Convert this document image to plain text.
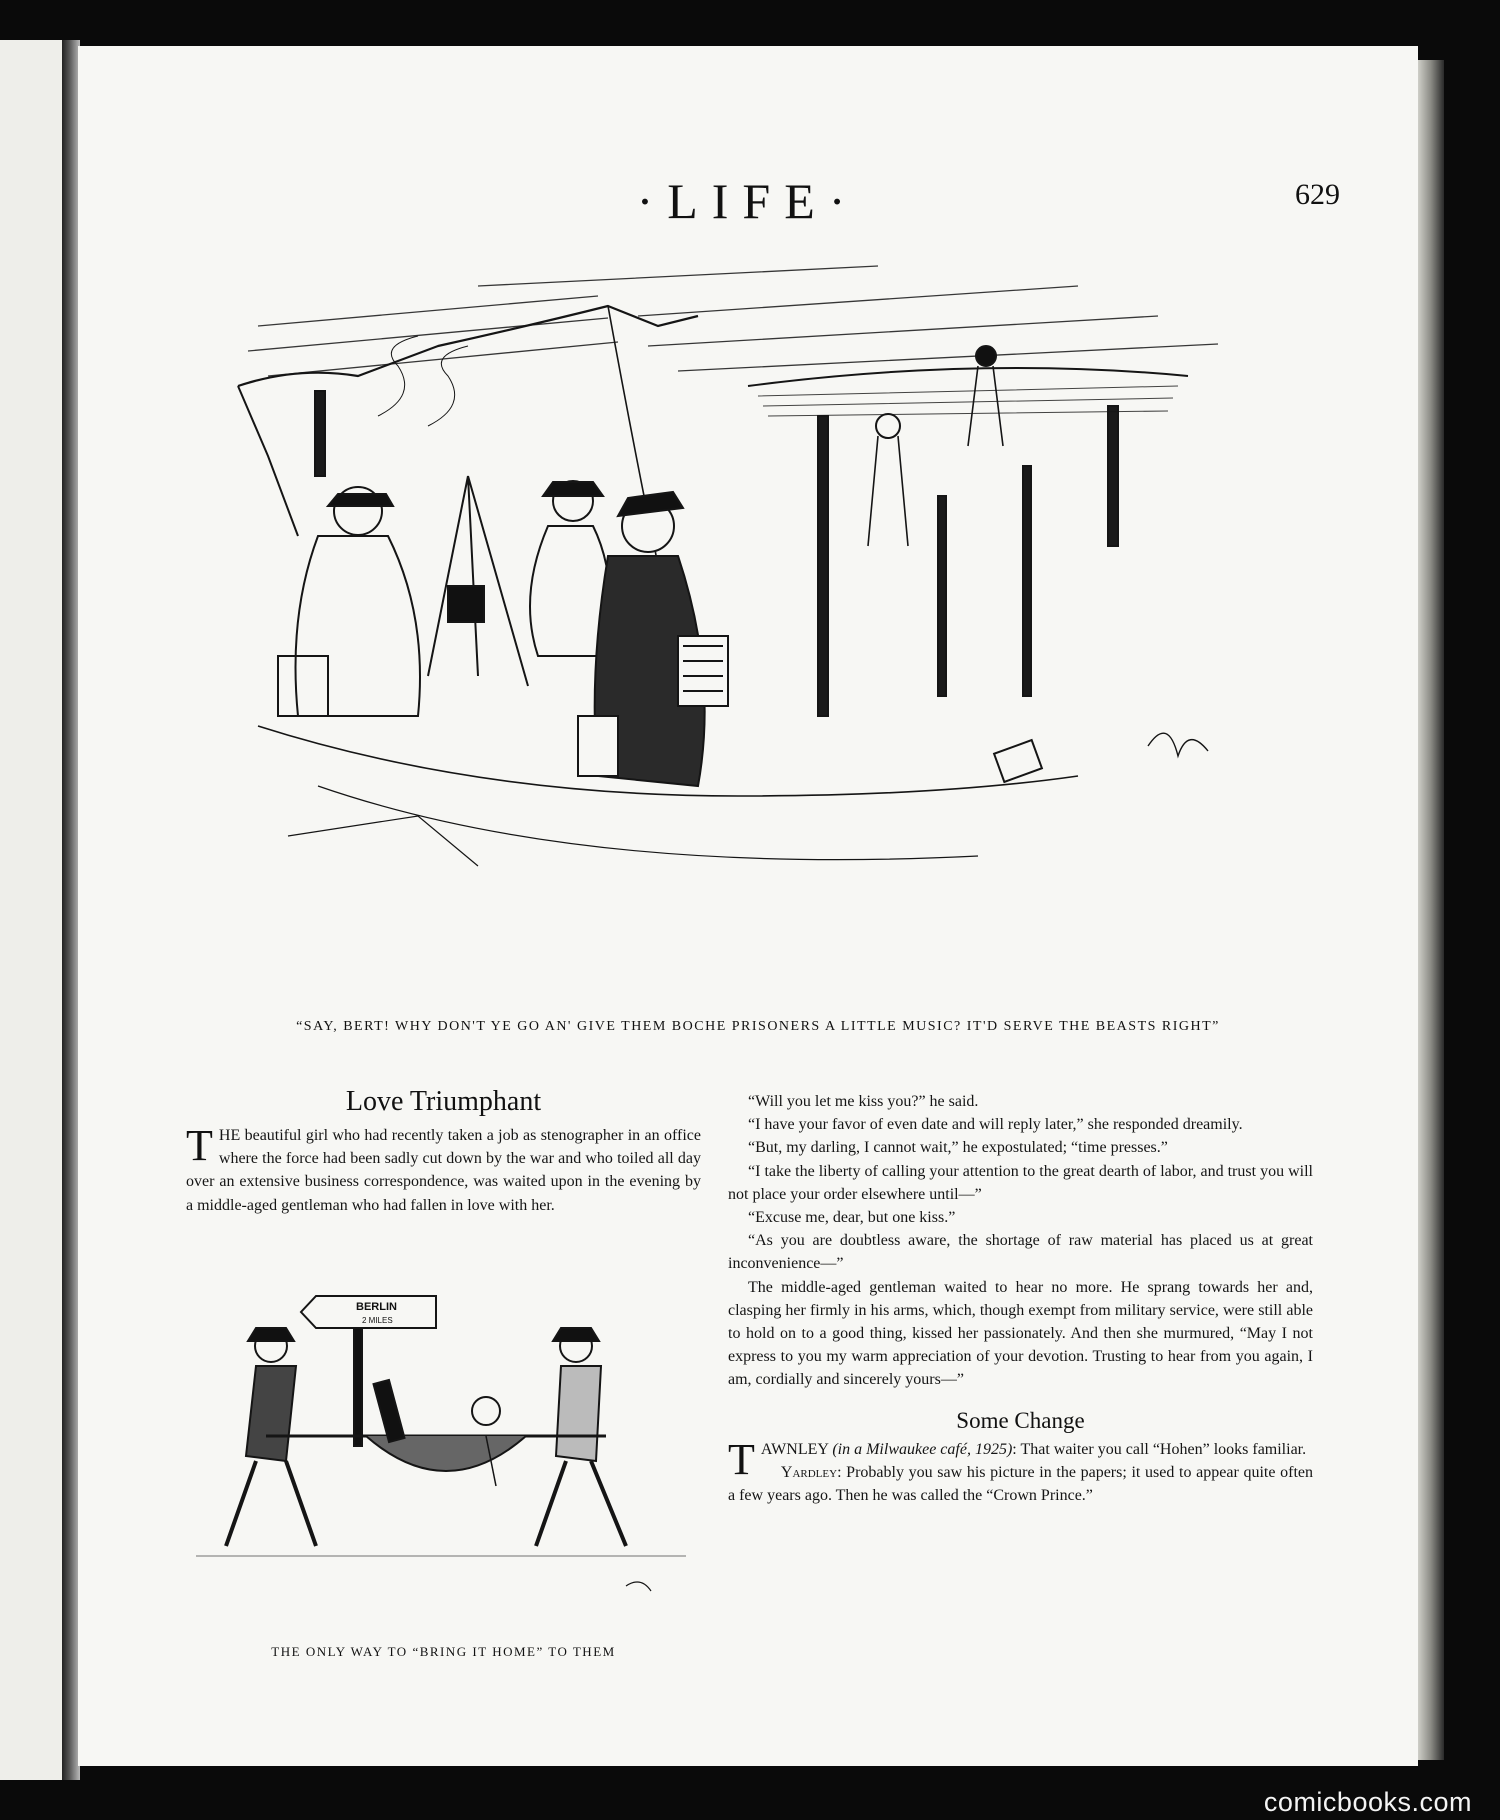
·LIFE·	629
“SAY, BERT! WHY DON'T YE GO AN' GIVE THEM BOCHE PRISONERS A LITTLE MUSIC? IT'D SERVE THE BEASTS RIGHT”
Love Triumphant

THE beautiful girl who had recently taken a job as stenographer in an office where the force had been sadly cut down by the war and who toiled all day over an extensive business correspondence, was waited upon in the evening by a middle-aged gentleman who had fallen in love with her.

BERLIN
2 MILES
THE ONLY WAY TO “BRING IT HOME” TO THEM

“Will you let me kiss you?” he said.

“I have your favor of even date and will reply later,” she responded dreamily.

“But, my darling, I cannot wait,” he expostulated; “time presses.”

“I take the liberty of calling your attention to the great dearth of labor, and trust you will not place your order elsewhere until—”

“Excuse me, dear, but one kiss.”

“As you are doubtless aware, the shortage of raw material has placed us at great inconvenience—”

The middle-aged gentleman waited to hear no more. He sprang towards her and, clasping her firmly in his arms, which, though exempt from military service, were still able to hold on to a good thing, kissed her passionately. And then she murmured, “May I not express to you my warm appreciation of your devotion. Trusting to hear from you again, I am, cordially and sincerely yours—”

Some Change

TAWNLEY (in a Milwaukee café, 1925): That waiter you call “Hohen” looks familiar.

Yardley: Probably you saw his picture in the papers; it used to appear quite often a few years ago. Then he was called the “Crown Prince.”

comicbooks.com
